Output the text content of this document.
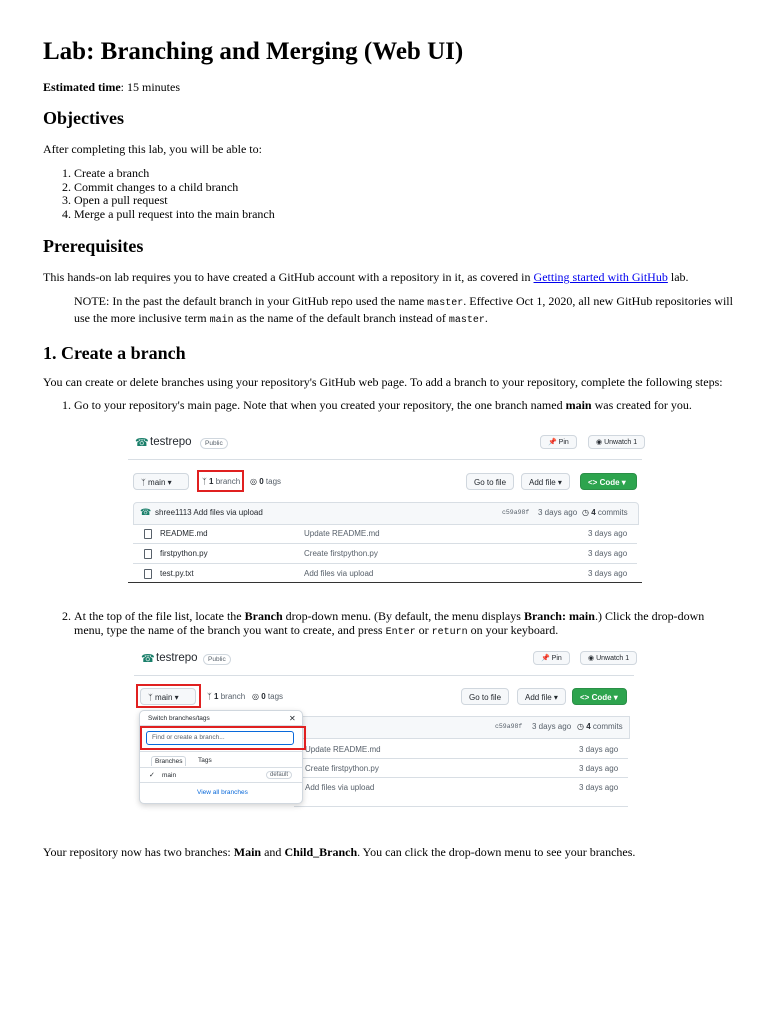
Lab: Branching and Merging (Web UI)

Estimated time: 15 minutes

Objectives

After completing this lab, you will be able to:

1. Create a branch
2. Commit changes to a child branch
3. Open a pull request
4. Merge a pull request into the main branch
Prerequisites

This hands-on lab requires you to have created a GitHub account with a repository in it, as covered in Getting started with GitHub lab.

NOTE: In the past the default branch in your GitHub repo used the name master. Effective Oct 1, 2020, all new GitHub repositories will use the more inclusive term main as the name of the default branch instead of master.

1. Create a branch

You can create or delete branches using your repository's GitHub web page. To add a branch to your repository, complete the following steps:

1. Go to your repository's main page. Note that when you created your repository, the one branch named main was created for you.
☎ testrepo	Public	📌 Pin	◉ Unwatch 1
ᛉ main ▾	ᛉ 1 branch ◎ 0 tags	Go to file	Add file ▾	<> Code ▾
☎ shree1113 Add files via upload	c59a98f 3 days ago ◷ 4 commits
README.md	Update README.md	3 days ago
firstpython.py	Create firstpython.py	3 days ago
test.py.txt	Add files via upload	3 days ago
2. At the top of the file list, locate the Branch drop-down menu. (By default, the menu displays Branch: main.) Click the drop-down menu, type the name of the branch you want to create, and press Enter or return on your keyboard.
☎ testrepo	Public	📌 Pin	◉ Unwatch 1
ᛉ main ▾	ᛉ 1 branch ◎ 0 tags	Go to file	Add file ▾	<> Code ▾
c59a98f 3 days ago ◷ 4 commits
Update README.md	3 days ago
Create firstpython.py	3 days ago
Add files via upload	3 days ago
Switch branches/tags	✕
Find or create a branch...
Branches	Tags
✓ main	default
View all branches

Your repository now has two branches: Main and Child_Branch. You can click the drop-down menu to see your branches.
